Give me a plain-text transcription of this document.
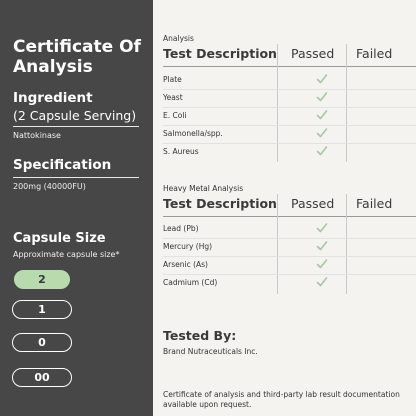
Certificate Of Analysis
Ingredient
(2 Capsule Serving)
Nattokinase
Specification
200mg (40000FU)
Capsule Size
Approximate capsule size*
2
1
0
00
Analysis
Test Description Passed Failed
Plate
Yeast
E. Coli
Salmonella/spp.
S. Aureus
Heavy Metal Analysis
Test Description Passed Failed
Lead (Pb)
Mercury (Hg)
Arsenic (As)
Cadmium (Cd)
Tested By:
Brand Nutraceuticals Inc.
Certificate of analysis and third-party lab result documentation available upon request.
